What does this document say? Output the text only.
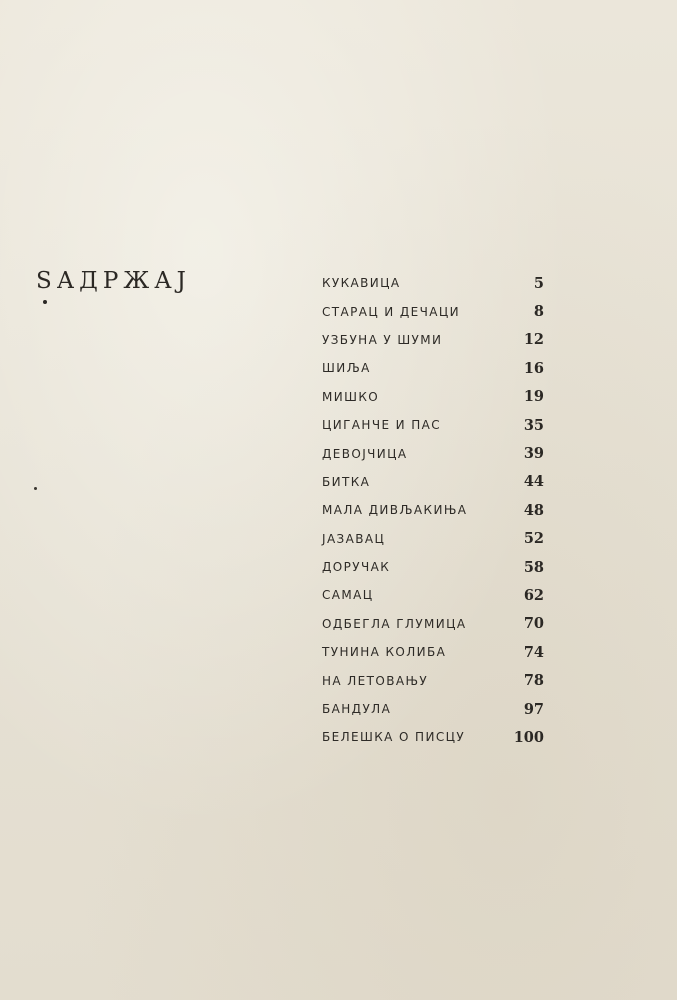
ЅАДРЖАЈ	КУКАВИЦА	5
СТАРАЦ И ДЕЧАЦИ	8
УЗБУНА У ШУМИ	12
ШИЉА	16
МИШКО	19
ЦИГАНЧЕ И ПАС	35
ДЕВОЈЧИЦА	39
БИТКА	44
МАЛА ДИВЉАКИЊА	48
ЈАЗАВАЦ	52
ДОРУЧАК	58
САМАЦ	62
ОДБЕГЛА ГЛУМИЦА	70
ТУНИНА КОЛИБА	74
НА ЛЕТОВАЊУ	78
БАНДУЛА	97
БЕЛЕШКА О ПИСЦУ	100
